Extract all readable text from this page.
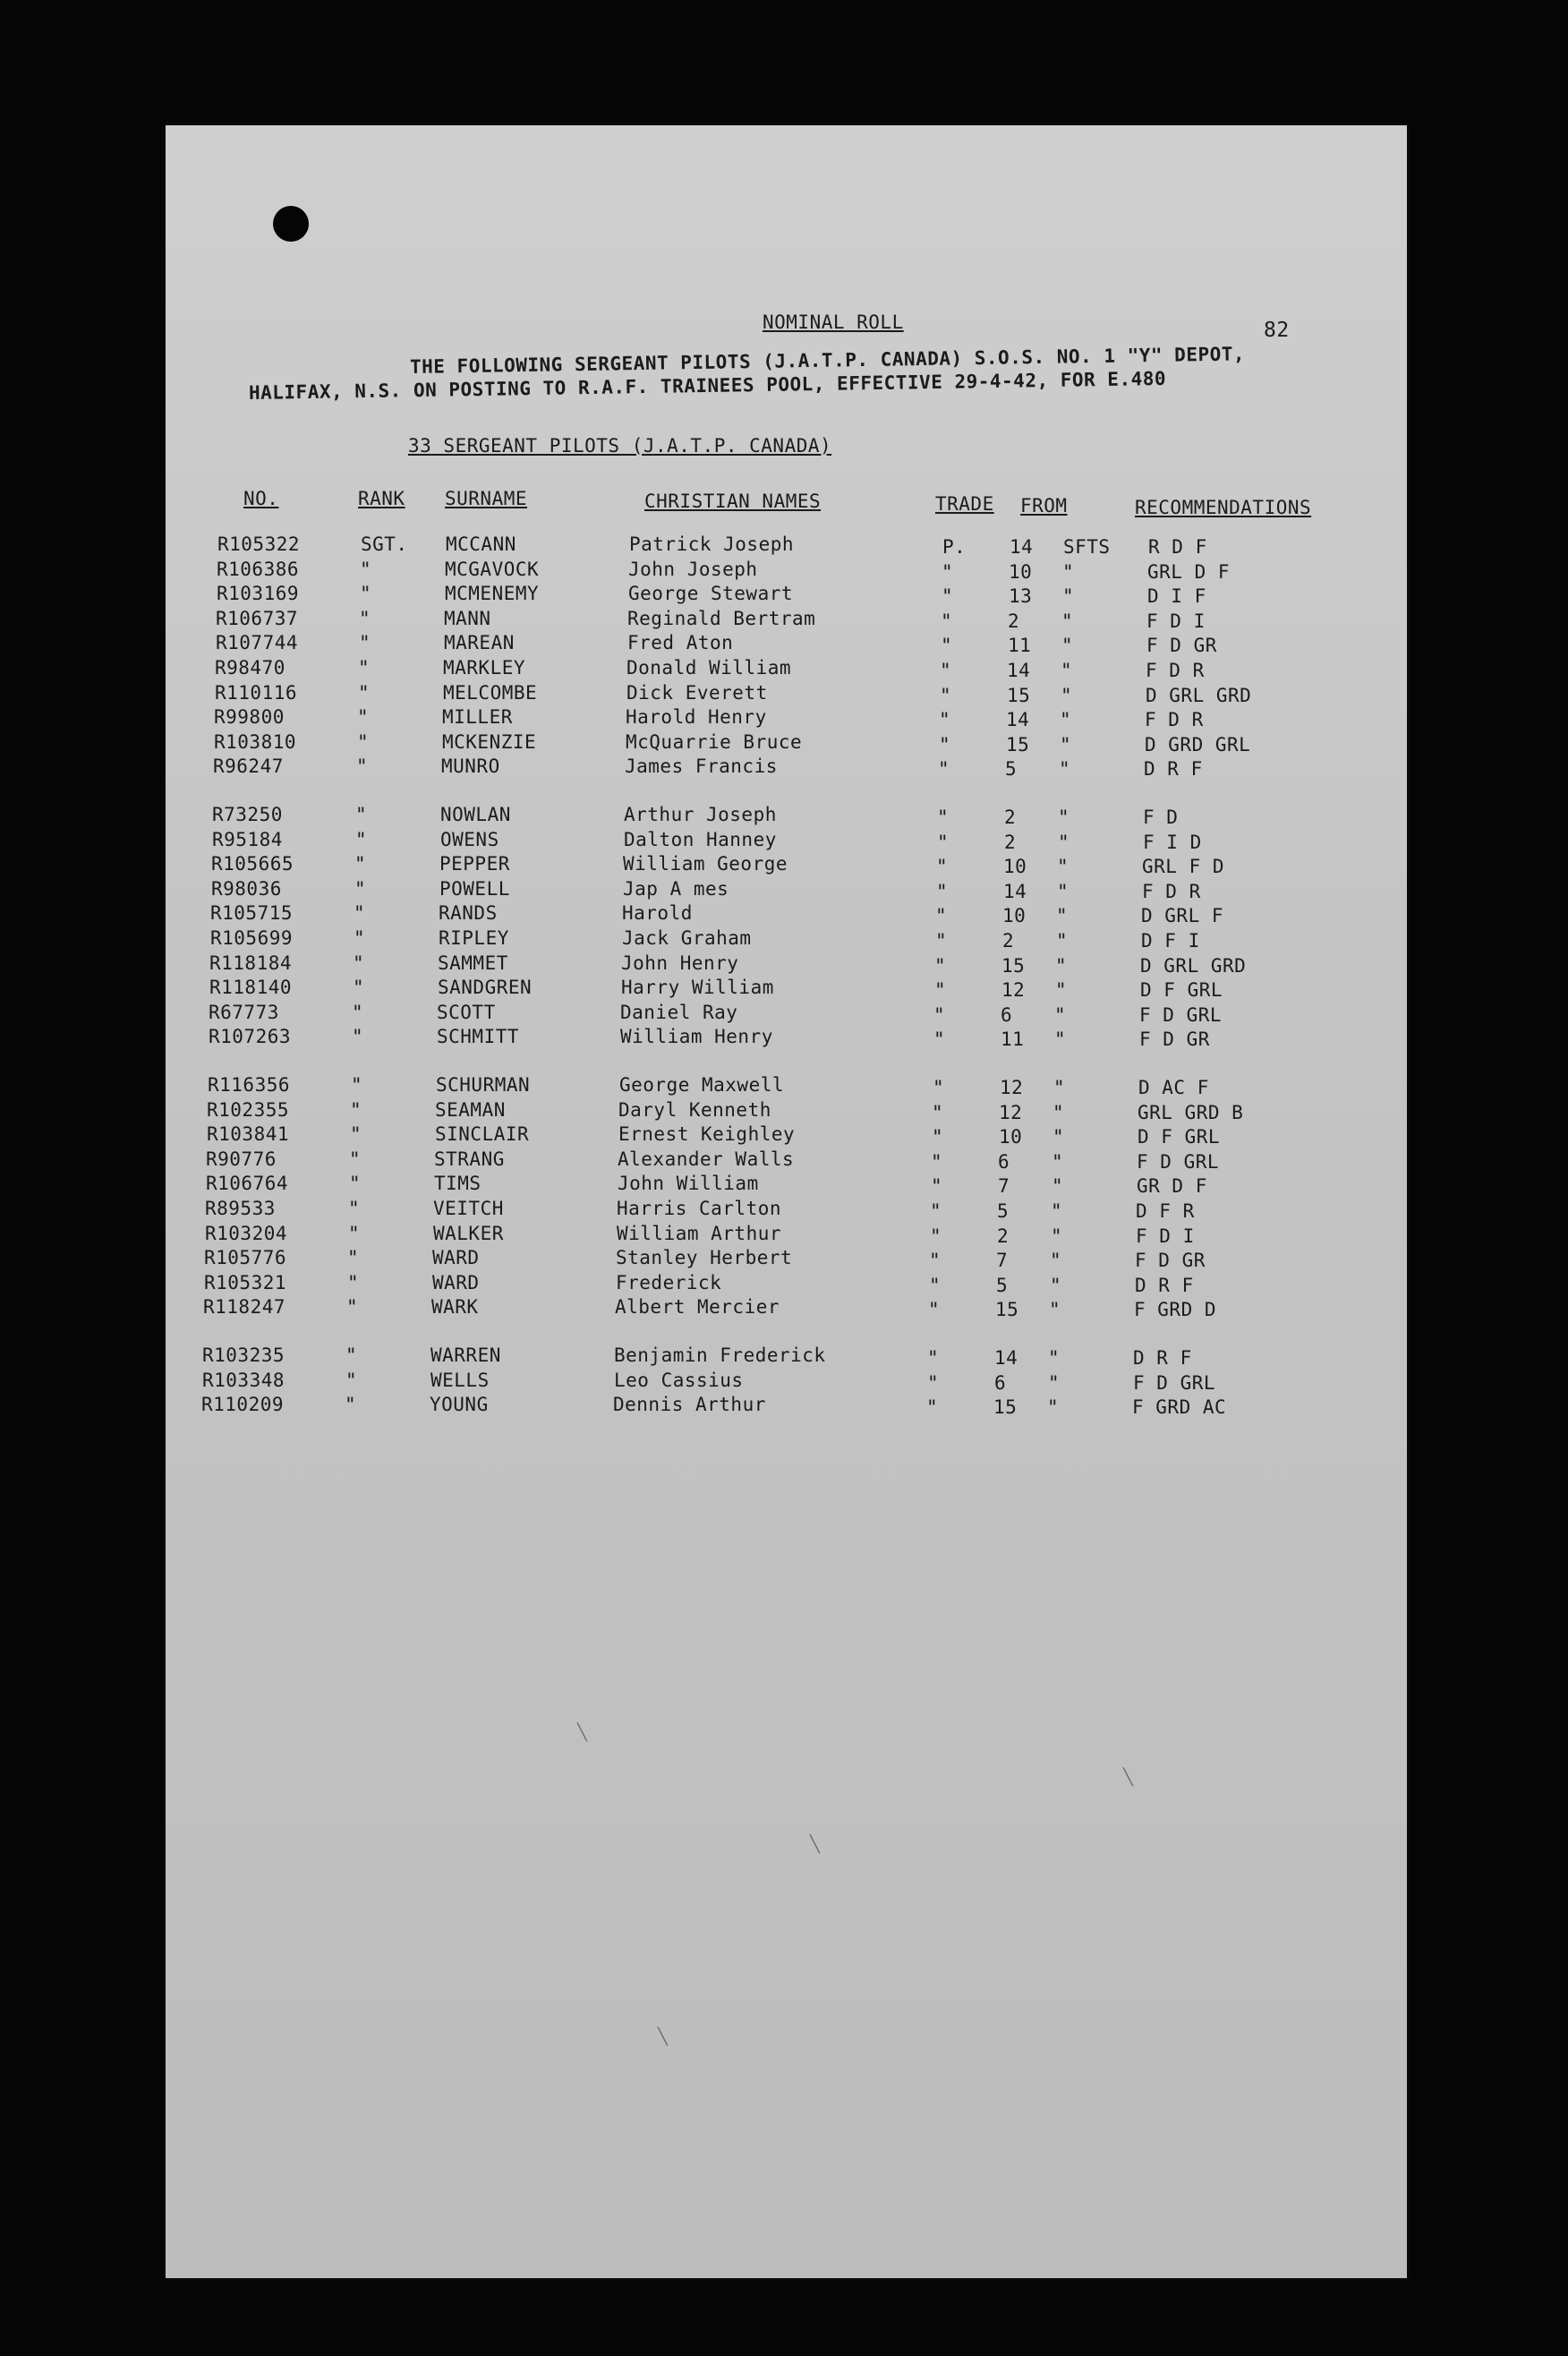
NOMINAL ROLL	82
THE FOLLOWING SERGEANT PILOTS (J.A.T.P. CANADA) S.O.S. NO. 1 "Y" DEPOT,
HALIFAX, N.S. ON POSTING TO R.A.F. TRAINEES POOL, EFFECTIVE 29-4-42, FOR E.480
33 SERGEANT PILOTS (J.A.T.P. CANADA)
NO.	RANK SURNAME	CHRISTIAN NAMES	TRADE FROM	RECOMMENDATIONS
R105322	SGT. MCCANN	Patrick Joseph	P. 14 SFTS R D F
R106386	"	MCGAVOCK	John Joseph	"	10 "	GRL D F
R103169	"	MCMENEMY	George Stewart	"	13 "	D I F
R106737	"	MANN	Reginald Bertram	"	2 "	F D I
R107744	"	MAREAN	Fred Aton	"	11 "	F D GR
R98470	"	MARKLEY	Donald William	"	14 "	F D R
R110116	"	MELCOMBE	Dick Everett	"	15 "	D GRL GRD
R99800	"	MILLER	Harold Henry	"	14 "	F D R
R103810	"	MCKENZIE	McQuarrie Bruce	"	15 "	D GRD GRL
R96247	"	MUNRO	James Francis	"	5 "	D R F
R73250	"	NOWLAN	Arthur Joseph	"	2 "	F D
R95184	"	OWENS	Dalton Hanney	"	2 "	F I D
R105665	"	PEPPER	William George	"	10 "	GRL F D
R98036	"	POWELL	Jap A mes	"	14 "	F D R
R105715	"	RANDS	Harold	"	10 "	D GRL F
R105699	"	RIPLEY	Jack Graham	"	2 "	D F I
R118184	"	SAMMET	John Henry	"	15 "	D GRL GRD
R118140	"	SANDGREN	Harry William	"	12 "	D F GRL
R67773	"	SCOTT	Daniel Ray	"	6 "	F D GRL
R107263	"	SCHMITT	William Henry	"	11 "	F D GR
R116356	"	SCHURMAN	George Maxwell	"	12 "	D AC F
R102355	"	SEAMAN	Daryl Kenneth	"	12 "	GRL GRD B
R103841	"	SINCLAIR	Ernest Keighley	"	10 "	D F GRL
R90776	"	STRANG	Alexander Walls	"	6 "	F D GRL
R106764	"	TIMS	John William	"	7 "	GR D F
R89533	"	VEITCH	Harris Carlton	"	5 "	D F R
R103204	"	WALKER	William Arthur	"	2 "	F D I
R105776	"	WARD	Stanley Herbert	"	7 "	F D GR
R105321	"	WARD	Frederick	"	5 "	D R F
R118247	"	WARK	Albert Mercier	"	15 "	F GRD D
R103235	"	WARREN	Benjamin Frederick	"	14 "	D R F
R103348	"	WELLS	Leo Cassius	"	6 "	F D GRL
R110209	"	YOUNG	Dennis Arthur	"	15 "	F GRD AC
╲
╲
╲
╲
